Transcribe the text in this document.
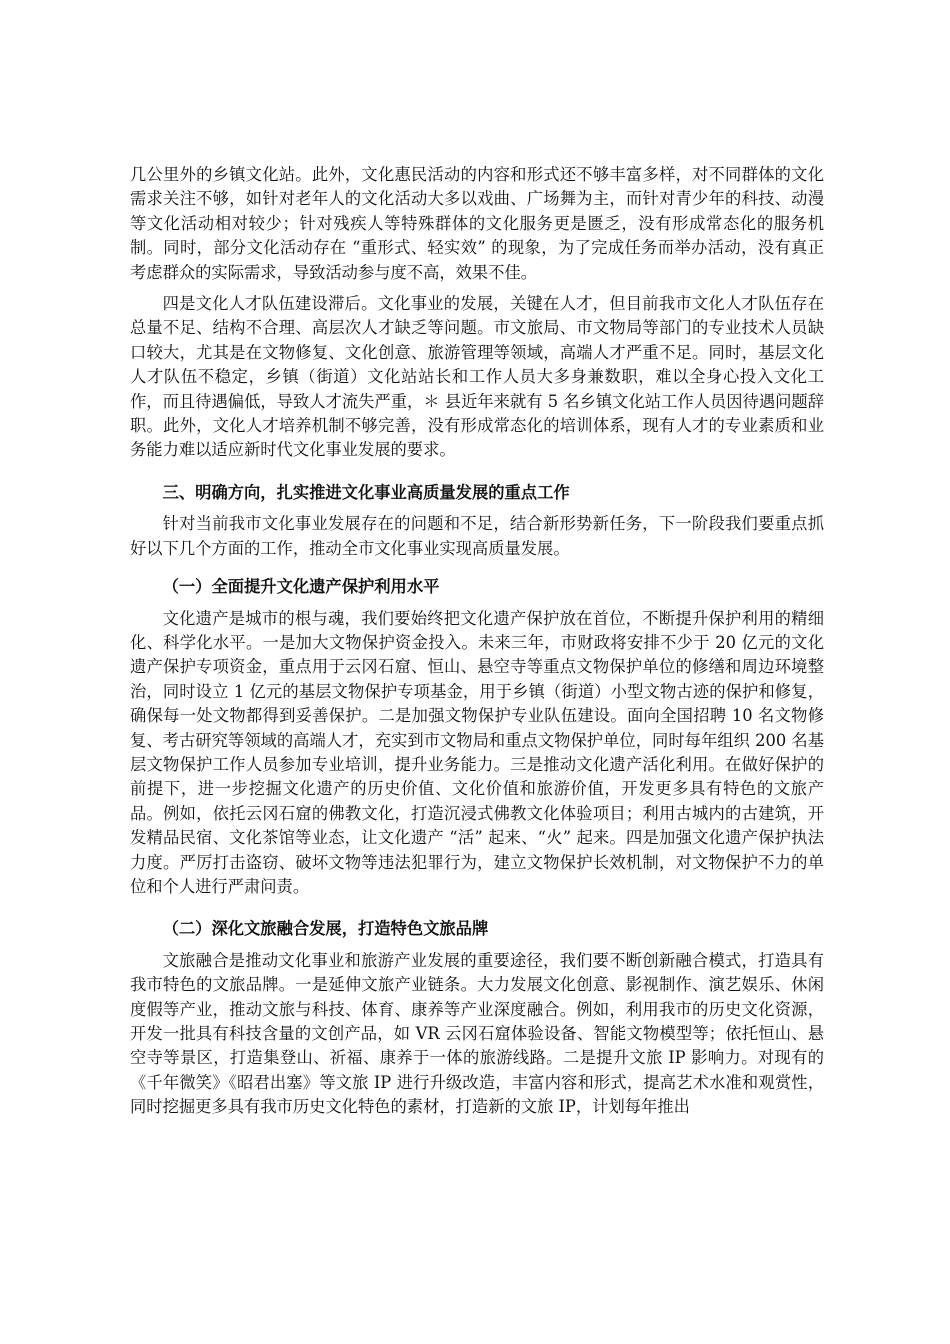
几公里外的乡镇文化站。此外，文化惠民活动的内容和形式还不够丰富多样，对不同群体的文化需求关注不够，如针对老年人的文化活动大多以戏曲、广场舞为主，而针对青少年的科技、动漫等文化活动相对较少；针对残疾人等特殊群体的文化服务更是匮乏，没有形成常态化的服务机制。同时，部分文化活动存在 “重形式、轻实效” 的现象，为了完成任务而举办活动，没有真正考虑群众的实际需求，导致活动参与度不高，效果不佳。

四是文化人才队伍建设滞后。文化事业的发展，关键在人才，但目前我市文化人才队伍存在总量不足、结构不合理、高层次人才缺乏等问题。市文旅局、市文物局等部门的专业技术人员缺口较大，尤其是在文物修复、文化创意、旅游管理等领域，高端人才严重不足。同时，基层文化人才队伍不稳定，乡镇（街道）文化站站长和工作人员大多身兼数职，难以全身心投入文化工作，而且待遇偏低，导致人才流失严重，＊ 县近年来就有 5 名乡镇文化站工作人员因待遇问题辞职。此外，文化人才培养机制不够完善，没有形成常态化的培训体系，现有人才的专业素质和业务能力难以适应新时代文化事业发展的要求。

三、明确方向，扎实推进文化事业高质量发展的重点工作

针对当前我市文化事业发展存在的问题和不足，结合新形势新任务，下一阶段我们要重点抓好以下几个方面的工作，推动全市文化事业实现高质量发展。

（一）全面提升文化遗产保护利用水平

文化遗产是城市的根与魂，我们要始终把文化遗产保护放在首位，不断提升保护利用的精细化、科学化水平。一是加大文物保护资金投入。未来三年，市财政将安排不少于 20 亿元的文化遗产保护专项资金，重点用于云冈石窟、恒山、悬空寺等重点文物保护单位的修缮和周边环境整治，同时设立 1 亿元的基层文物保护专项基金，用于乡镇（街道）小型文物古迹的保护和修复，确保每一处文物都得到妥善保护。二是加强文物保护专业队伍建设。面向全国招聘 10 名文物修复、考古研究等领域的高端人才，充实到市文物局和重点文物保护单位，同时每年组织 200 名基层文物保护工作人员参加专业培训，提升业务能力。三是推动文化遗产活化利用。在做好保护的前提下，进一步挖掘文化遗产的历史价值、文化价值和旅游价值，开发更多具有特色的文旅产品。例如，依托云冈石窟的佛教文化，打造沉浸式佛教文化体验项目；利用古城内的古建筑，开发精品民宿、文化茶馆等业态，让文化遗产 “活” 起来、“火” 起来。四是加强文化遗产保护执法力度。严厉打击盗窃、破坏文物等违法犯罪行为，建立文物保护长效机制，对文物保护不力的单位和个人进行严肃问责。

（二）深化文旅融合发展，打造特色文旅品牌

文旅融合是推动文化事业和旅游产业发展的重要途径，我们要不断创新融合模式，打造具有我市特色的文旅品牌。一是延伸文旅产业链条。大力发展文化创意、影视制作、演艺娱乐、休闲度假等产业，推动文旅与科技、体育、康养等产业深度融合。例如，利用我市的历史文化资源，开发一批具有科技含量的文创产品，如 VR 云冈石窟体验设备、智能文物模型等；依托恒山、悬空寺等景区，打造集登山、祈福、康养于一体的旅游线路。二是提升文旅 IP 影响力。对现有的《千年微笑》《昭君出塞》等文旅 IP 进行升级改造，丰富内容和形式，提高艺术水准和观赏性，同时挖掘更多具有我市历史文化特色的素材，打造新的文旅 IP，计划每年推出
